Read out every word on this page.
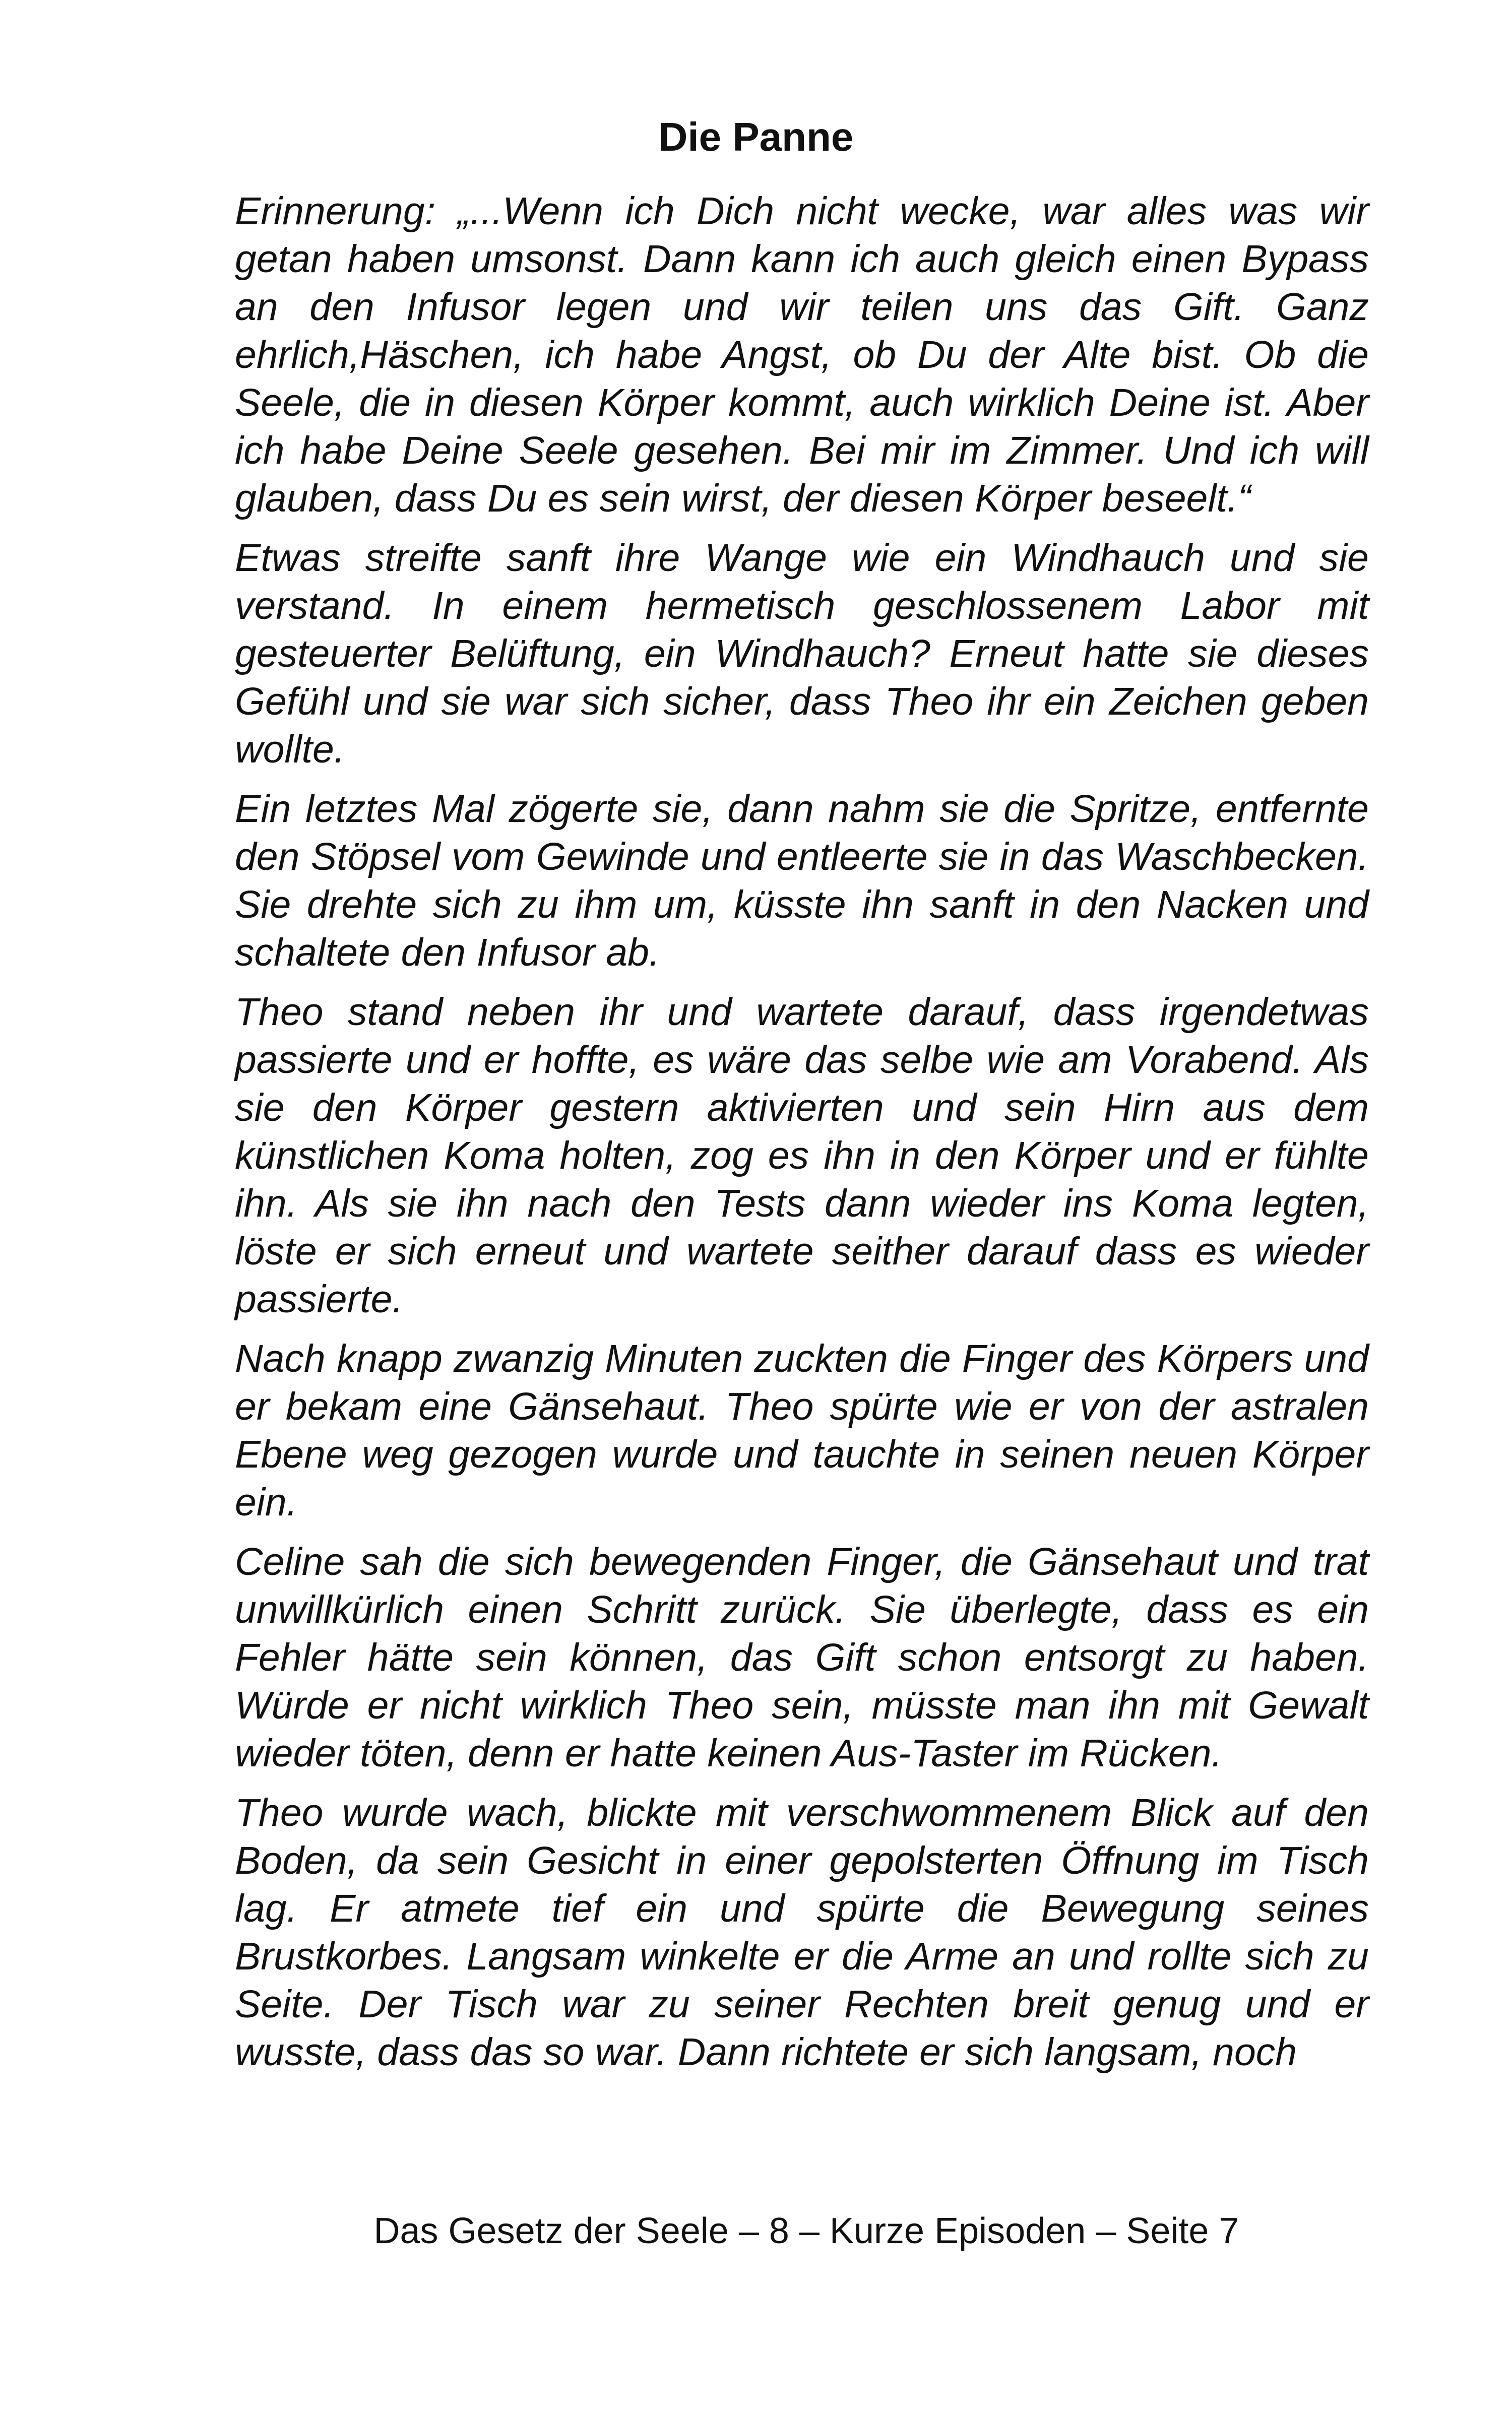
Die Panne

Erinnerung: „...Wenn ich Dich nicht wecke, war alles was wir getan haben umsonst. Dann kann ich auch gleich einen Bypass an den Infusor legen und wir teilen uns das Gift. Ganz ehrlich,Häschen, ich habe Angst, ob Du der Alte bist. Ob die Seele, die in diesen Körper kommt, auch wirklich Deine ist. Aber ich habe Deine Seele gesehen. Bei mir im Zimmer. Und ich will glauben, dass Du es sein wirst, der diesen Körper beseelt.“

Etwas streifte sanft ihre Wange wie ein Windhauch und sie verstand. In einem hermetisch geschlossenem Labor mit gesteuerter Belüftung, ein Windhauch? Erneut hatte sie dieses Gefühl und sie war sich sicher, dass Theo ihr ein Zeichen geben wollte.

Ein letztes Mal zögerte sie, dann nahm sie die Spritze, entfernte den Stöpsel vom Gewinde und entleerte sie in das Waschbecken. Sie drehte sich zu ihm um, küsste ihn sanft in den Nacken und schaltete den Infusor ab.

Theo stand neben ihr und wartete darauf, dass irgendetwas passierte und er hoffte, es wäre das selbe wie am Vorabend. Als sie den Körper gestern aktivierten und sein Hirn aus dem künstlichen Koma holten, zog es ihn in den Körper und er fühlte ihn. Als sie ihn nach den Tests dann wieder ins Koma legten, löste er sich erneut und wartete seither darauf dass es wieder passierte.

Nach knapp zwanzig Minuten zuckten die Finger des Körpers und er bekam eine Gänsehaut. Theo spürte wie er von der astralen Ebene weg gezogen wurde und tauchte in seinen neuen Körper ein.

Celine sah die sich bewegenden Finger, die Gänsehaut und trat unwillkürlich einen Schritt zurück. Sie überlegte, dass es ein Fehler hätte sein können, das Gift schon entsorgt zu haben. Würde er nicht wirklich Theo sein, müsste man ihn mit Gewalt wieder töten, denn er hatte keinen Aus-Taster im Rücken.

Theo wurde wach, blickte mit verschwommenem Blick auf den Boden, da sein Gesicht in einer gepolsterten Öffnung im Tisch lag. Er atmete tief ein und spürte die Bewegung seines Brustkorbes. Langsam winkelte er die Arme an und rollte sich zu Seite. Der Tisch war zu seiner Rechten breit genug und er wusste, dass das so war. Dann richtete er sich langsam, noch

Das Gesetz der Seele – 8 – Kurze Episoden – Seite 7
